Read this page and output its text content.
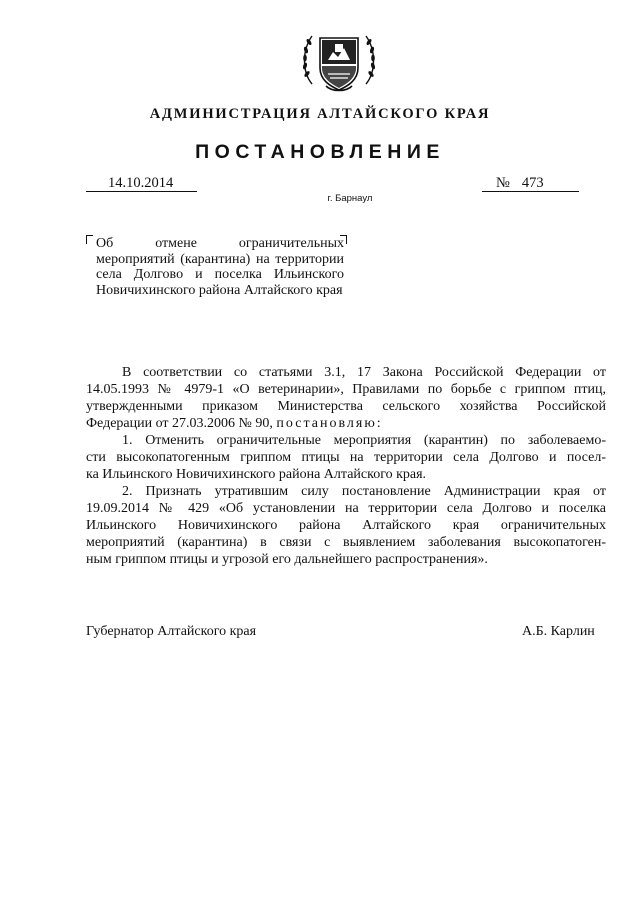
АДМИНИСТРАЦИЯ АЛТАЙСКОГО КРАЯ
ПОСТАНОВЛЕНИЕ
14.10.2014	№ 473
г. Барнаул
Об отмене ограничительных мероприятий (карантина) на территории села Долгово и поселка Ильинского Новичихинского района Алтайского края

В соответствии со статьями 3.1, 17 Закона Российской Федерации от

14.05.1993 № 4979-1 «О ветеринарии», Правилами по борьбе с гриппом птиц,

утвержденными приказом Министерства сельского хозяйства Российской

Федерации от 27.03.2006 № 90, постановляю:

1. Отменить ограничительные мероприятия (карантин) по заболеваемо-

сти высокопатогенным гриппом птицы на территории села Долгово и посел-

ка Ильинского Новичихинского района Алтайского края.

2. Признать утратившим силу постановление Администрации края от

19.09.2014 № 429 «Об установлении на территории села Долгово и поселка

Ильинского Новичихинского района Алтайского края ограничительных

мероприятий (карантина) в связи с выявлением заболевания высокопатоген-

ным гриппом птицы и угрозой его дальнейшего распространения».

Губернатор Алтайского края	А.Б. Карлин
